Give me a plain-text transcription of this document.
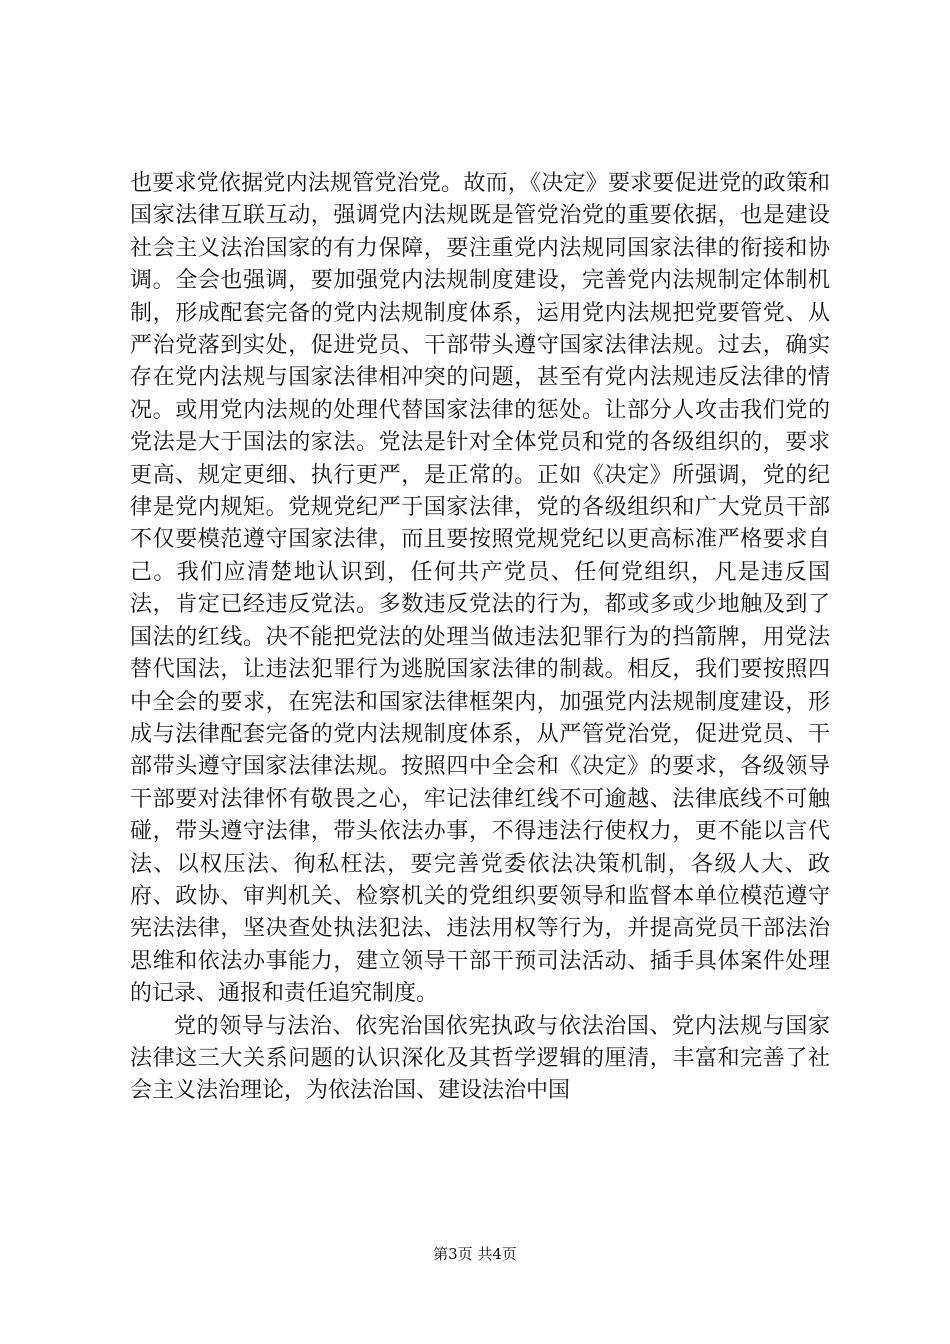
也要求党依据党内法规管党治党。故而，《决定》要求要促进党的政策和国家法律互联互动，强调党内法规既是管党治党的重要依据，也是建设社会主义法治国家的有力保障，要注重党内法规同国家法律的衔接和协调。全会也强调，要加强党内法规制度建设，完善党内法规制定体制机制，形成配套完备的党内法规制度体系，运用党内法规把党要管党、从严治党落到实处，促进党员、干部带头遵守国家法律法规。过去，确实存在党内法规与国家法律相冲突的问题，甚至有党内法规违反法律的情况。或用党内法规的处理代替国家法律的惩处。让部分人攻击我们党的党法是大于国法的家法。党法是针对全体党员和党的各级组织的，要求更高、规定更细、执行更严，是正常的。正如《决定》所强调，党的纪律是党内规矩。党规党纪严于国家法律，党的各级组织和广大党员干部不仅要模范遵守国家法律，而且要按照党规党纪以更高标准严格要求自己。我们应清楚地认识到，任何共产党员、任何党组织，凡是违反国法，肯定已经违反党法。多数违反党法的行为，都或多或少地触及到了国法的红线。决不能把党法的处理当做违法犯罪行为的挡箭牌，用党法替代国法，让违法犯罪行为逃脱国家法律的制裁。相反，我们要按照四中全会的要求，在宪法和国家法律框架内，加强党内法规制度建设，形成与法律配套完备的党内法规制度体系，从严管党治党，促进党员、干部带头遵守国家法律法规。按照四中全会和《决定》的要求，各级领导干部要对法律怀有敬畏之心，牢记法律红线不可逾越、法律底线不可触碰，带头遵守法律，带头依法办事，不得违法行使权力，更不能以言代法、以权压法、徇私枉法，要完善党委依法决策机制，各级人大、政府、政协、审判机关、检察机关的党组织要领导和监督本单位模范遵守宪法法律，坚决查处执法犯法、违法用权等行为，并提高党员干部法治思维和依法办事能力，建立领导干部干预司法活动、插手具体案件处理的记录、通报和责任追究制度。

党的领导与法治、依宪治国依宪执政与依法治国、党内法规与国家法律这三大关系问题的认识深化及其哲学逻辑的厘清，丰富和完善了社会主义法治理论，为依法治国、建设法治中国

第3页 共4页
